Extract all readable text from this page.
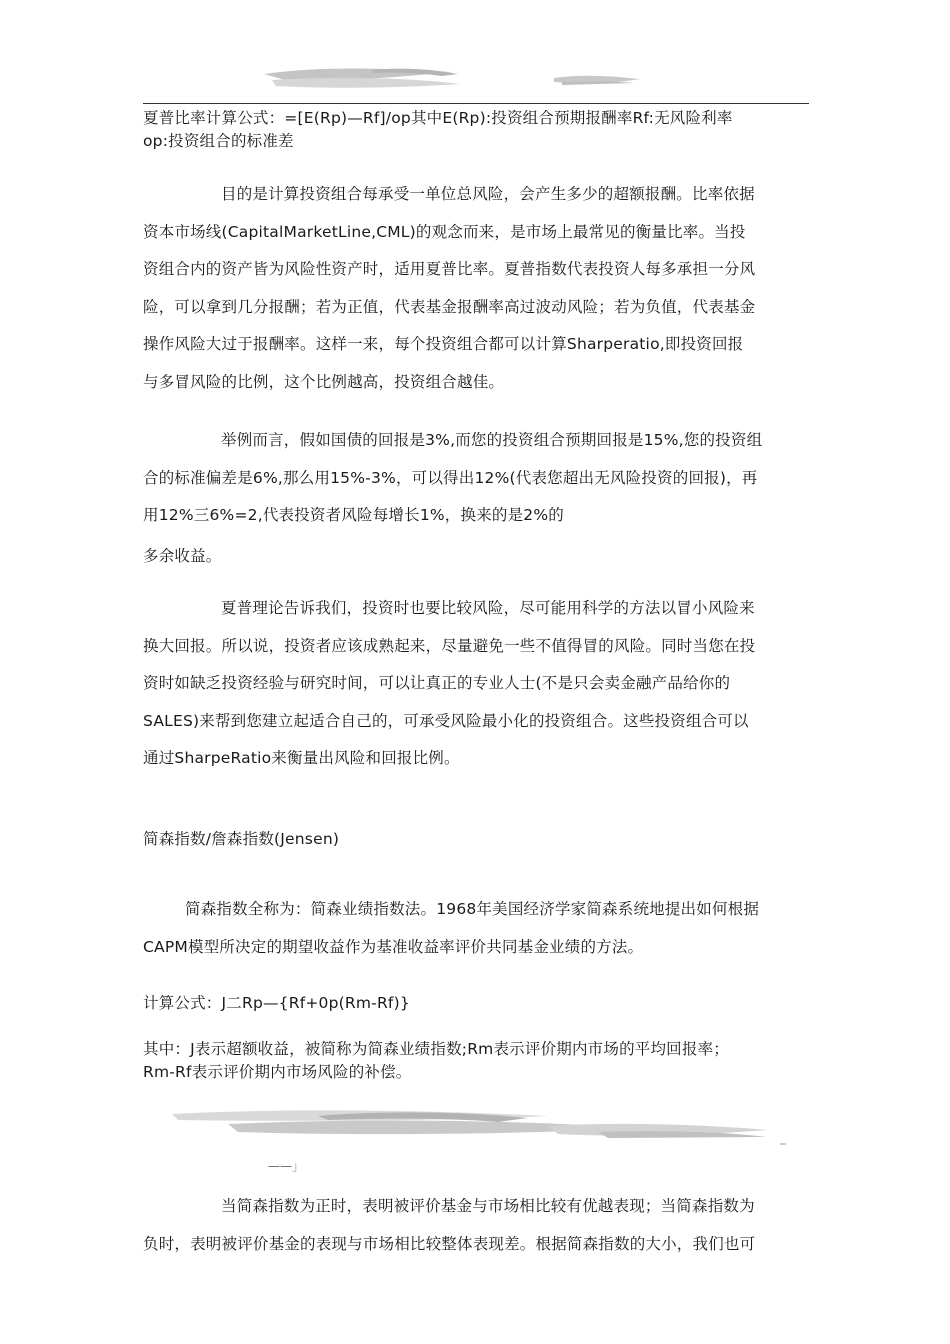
夏普比率计算公式：=[E(Rp)—Rf]/op其中E(Rp):投资组合预期报酬率Rf:无风险利率
op:投资组合的标准差
目的是计算投资组合每承受一单位总风险，会产生多少的超额报酬。比率依据
资本市场线(CapitalMarketLine,CML)的观念而来，是市场上最常见的衡量比率。当投
资组合内的资产皆为风险性资产时，适用夏普比率。夏普指数代表投资人每多承担一分风
险，可以拿到几分报酬；若为正值，代表基金报酬率高过波动风险；若为负值，代表基金
操作风险大过于报酬率。这样一来，每个投资组合都可以计算Sharperatio,即投资回报
与多冒风险的比例，这个比例越高，投资组合越佳。
举例而言，假如国债的回报是3%,而您的投资组合预期回报是15%,您的投资组
合的标准偏差是6%,那么用15%-3%，可以得出12%(代表您超出无风险投资的回报)，再
用12%三6%=2,代表投资者风险每增长1%，换来的是2%的
多余收益。
夏普理论告诉我们，投资时也要比较风险，尽可能用科学的方法以冒小风险来
换大回报。所以说，投资者应该成熟起来，尽量避免一些不值得冒的风险。同时当您在投
资时如缺乏投资经验与研究时间，可以让真正的专业人士(不是只会卖金融产品给你的
SALES)来帮到您建立起适合自己的，可承受风险最小化的投资组合。这些投资组合可以
通过SharpeRatio来衡量出风险和回报比例。
简森指数/詹森指数(Jensen)
简森指数全称为：简森业绩指数法。1968年美国经济学家简森系统地提出如何根据
CAPM模型所决定的期望收益作为基准收益率评价共同基金业绩的方法。
计算公式：J二Rp—{Rf+0p(Rm-Rf)}
其中：J表示超额收益，被简称为简森业绩指数;Rm表示评价期内市场的平均回报率；
Rm-Rf表示评价期内市场风险的补偿。
——」
当简森指数为正时，表明被评价基金与市场相比较有优越表现；当简森指数为
负时，表明被评价基金的表现与市场相比较整体表现差。根据简森指数的大小，我们也可
